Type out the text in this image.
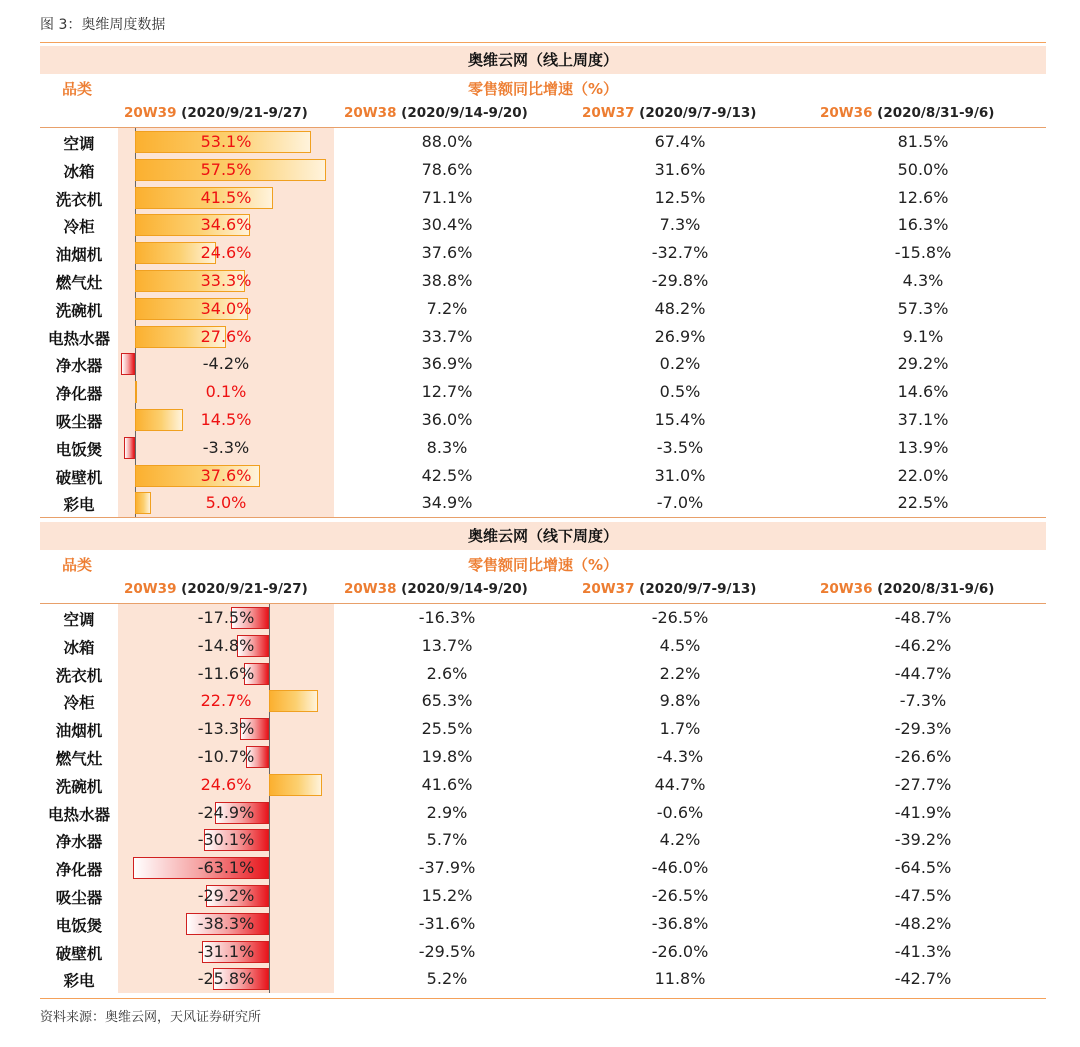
图 3：奥维周度数据
奥维云网（线上周度）
零售额同比增速（%）
品类
20W39 (2020/9/21-9/27)	20W38 (2020/9/14-9/20)	20W37 (2020/9/7-9/13)	20W36 (2020/8/31-9/6)
空调	53.1%	88.0%	67.4%	81.5%
冰箱	57.5%	78.6%	31.6%	50.0%
洗衣机	41.5%	71.1%	12.5%	12.6%
冷柜	34.6%	30.4%	7.3%	16.3%
油烟机	24.6%	37.6%	-32.7%	-15.8%
燃气灶	33.3%	38.8%	-29.8%	4.3%
洗碗机	34.0%	7.2%	48.2%	57.3%
电热水器	27.6%	33.7%	26.9%	9.1%
净水器	-4.2%	36.9%	0.2%	29.2%
净化器	0.1%	12.7%	0.5%	14.6%
吸尘器	14.5%	36.0%	15.4%	37.1%
电饭煲	-3.3%	8.3%	-3.5%	13.9%
破壁机	37.6%	42.5%	31.0%	22.0%
彩电	5.0%	34.9%	-7.0%	22.5%
奥维云网（线下周度）
零售额同比增速（%）
品类
20W39 (2020/9/21-9/27)	20W38 (2020/9/14-9/20)	20W37 (2020/9/7-9/13)	20W36 (2020/8/31-9/6)
空调	-17.5%	-16.3%	-26.5%	-48.7%
冰箱	-14.8%	13.7%	4.5%	-46.2%
洗衣机	-11.6%	2.6%	2.2%	-44.7%
冷柜	22.7%	65.3%	9.8%	-7.3%
油烟机	-13.3%	25.5%	1.7%	-29.3%
燃气灶	-10.7%	19.8%	-4.3%	-26.6%
洗碗机	24.6%	41.6%	44.7%	-27.7%
电热水器	-24.9%	2.9%	-0.6%	-41.9%
净水器	-30.1%	5.7%	4.2%	-39.2%
净化器	-63.1%	-37.9%	-46.0%	-64.5%
吸尘器	-29.2%	15.2%	-26.5%	-47.5%
电饭煲	-38.3%	-31.6%	-36.8%	-48.2%
破壁机	-31.1%	-29.5%	-26.0%	-41.3%
彩电	-25.8%	5.2%	11.8%	-42.7%
资料来源：奥维云网，天风证券研究所
